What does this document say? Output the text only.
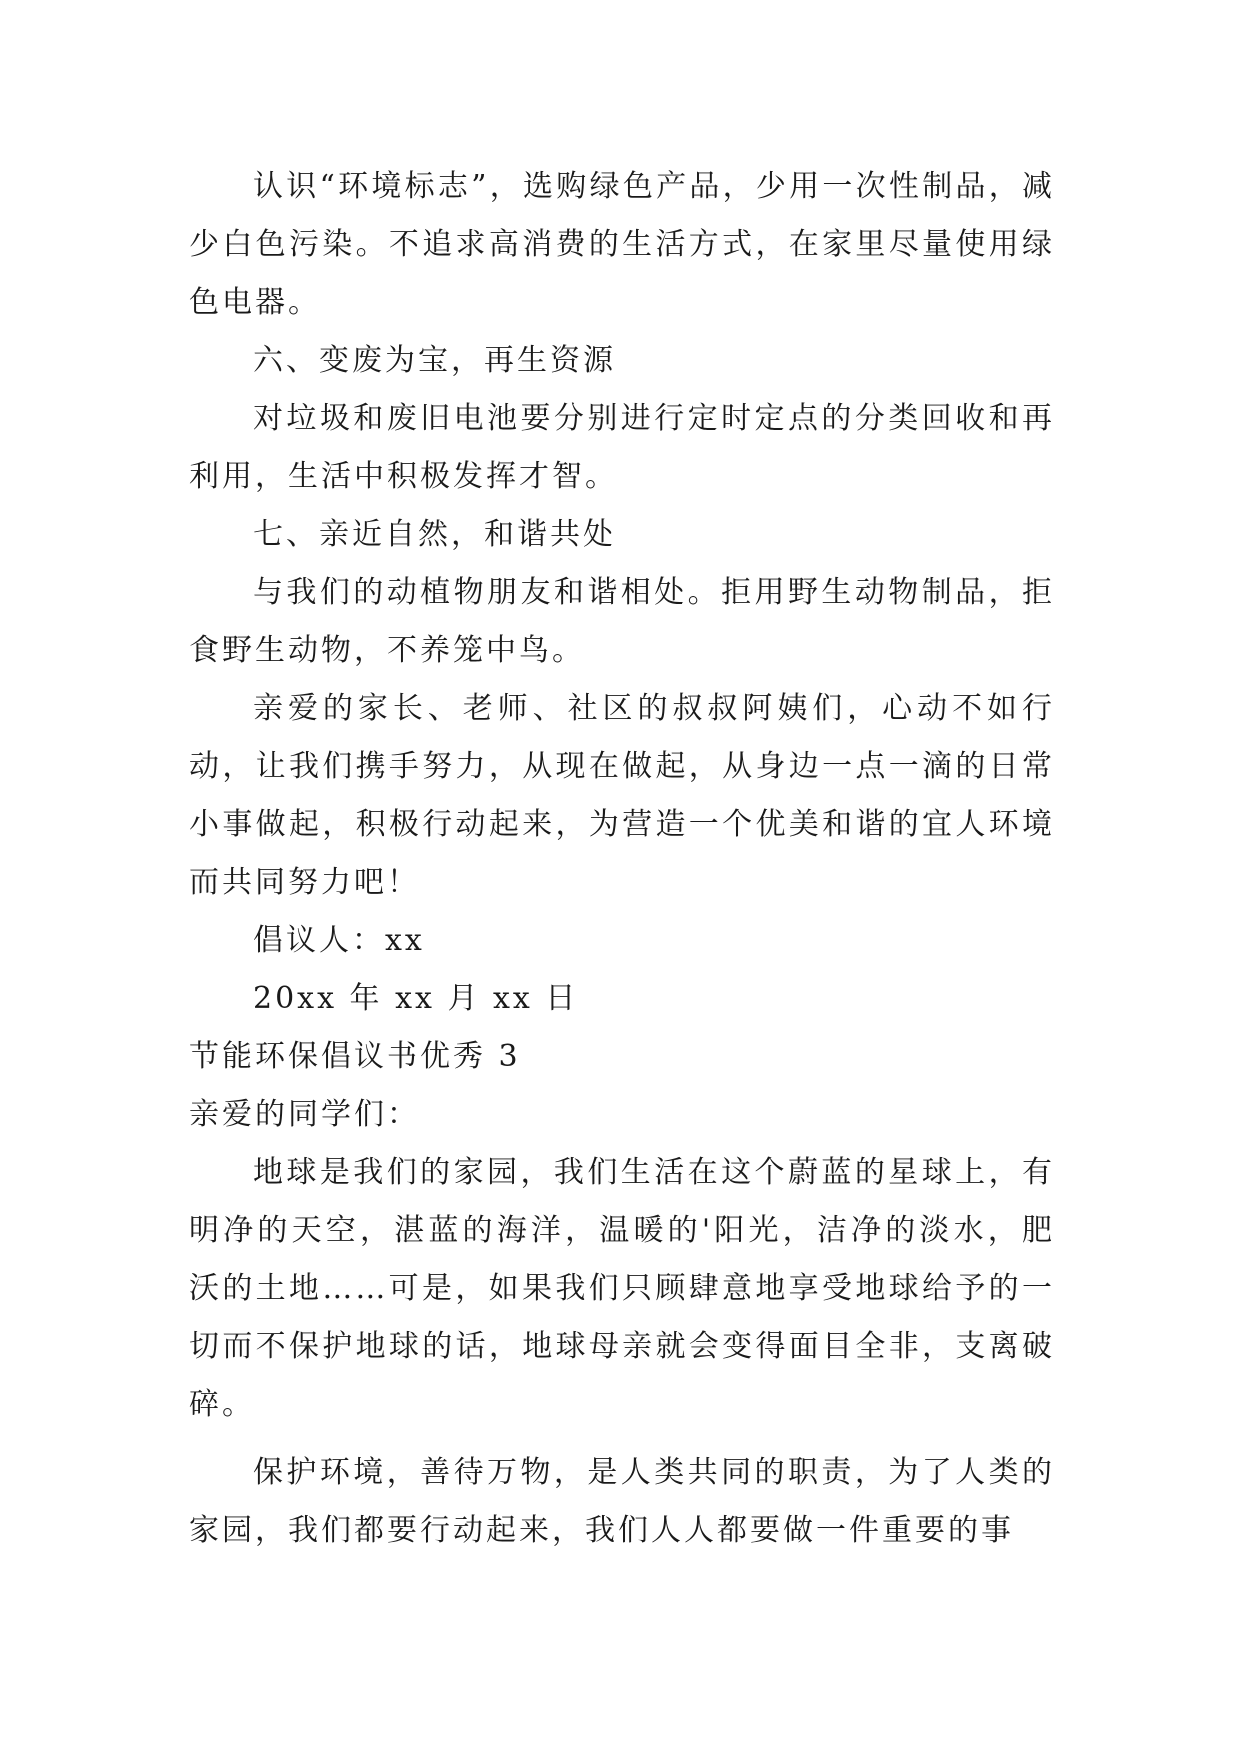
认识“环境标志”，选购绿色产品，少用一次性制品，减少白色污染。不追求高消费的生活方式，在家里尽量使用绿色电器。

六、变废为宝，再生资源

对垃圾和废旧电池要分别进行定时定点的分类回收和再利用，生活中积极发挥才智。

七、亲近自然，和谐共处

与我们的动植物朋友和谐相处。拒用野生动物制品，拒食野生动物，不养笼中鸟。

亲爱的家长、老师、社区的叔叔阿姨们，心动不如行动，让我们携手努力，从现在做起，从身边一点一滴的日常小事做起，积极行动起来，为营造一个优美和谐的宜人环境而共同努力吧！

倡议人：xx

20xx 年 xx 月 xx 日

节能环保倡议书优秀 3

亲爱的同学们：

地球是我们的家园，我们生活在这个蔚蓝的星球上，有明净的天空，湛蓝的海洋，温暖的'阳光，洁净的淡水，肥沃的土地……可是，如果我们只顾肆意地享受地球给予的一切而不保护地球的话，地球母亲就会变得面目全非，支离破碎。

保护环境，善待万物，是人类共同的职责，为了人类的家园，我们都要行动起来，我们人人都要做一件重要的事
